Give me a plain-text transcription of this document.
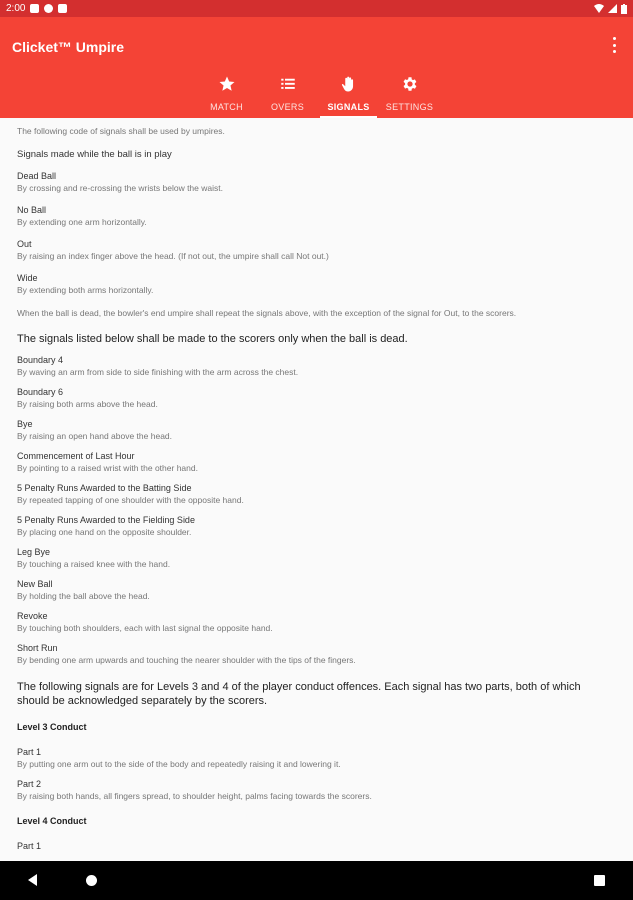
2:00
Clicket™ Umpire
MATCH	OVERS	SIGNALS SETTINGS
The following code of signals shall be used by umpires.
Signals made while the ball is in play
Dead Ball
By crossing and re-crossing the wrists below the waist.
No Ball
By extending one arm horizontally.
Out
By raising an index finger above the head. (If not out, the umpire shall call Not out.)
Wide
By extending both arms horizontally.
When the ball is dead, the bowler's end umpire shall repeat the signals above, with the exception of the signal for Out, to the scorers.
The signals listed below shall be made to the scorers only when the ball is dead.
Boundary 4
By waving an arm from side to side finishing with the arm across the chest.
Boundary 6
By raising both arms above the head.
Bye
By raising an open hand above the head.
Commencement of Last Hour
By pointing to a raised wrist with the other hand.
5 Penalty Runs Awarded to the Batting Side
By repeated tapping of one shoulder with the opposite hand.
5 Penalty Runs Awarded to the Fielding Side
By placing one hand on the opposite shoulder.
Leg Bye
By touching a raised knee with the hand.
New Ball
By holding the ball above the head.
Revoke
By touching both shoulders, each with last signal the opposite hand.
Short Run
By bending one arm upwards and touching the nearer shoulder with the tips of the fingers.
The following signals are for Levels 3 and 4 of the player conduct offences. Each signal has two parts, both of which should be acknowledged separately by the scorers.
Level 3 Conduct
Part 1
By putting one arm out to the side of the body and repeatedly raising it and lowering it.
Part 2
By raising both hands, all fingers spread, to shoulder height, palms facing towards the scorers.
Level 4 Conduct
Part 1
